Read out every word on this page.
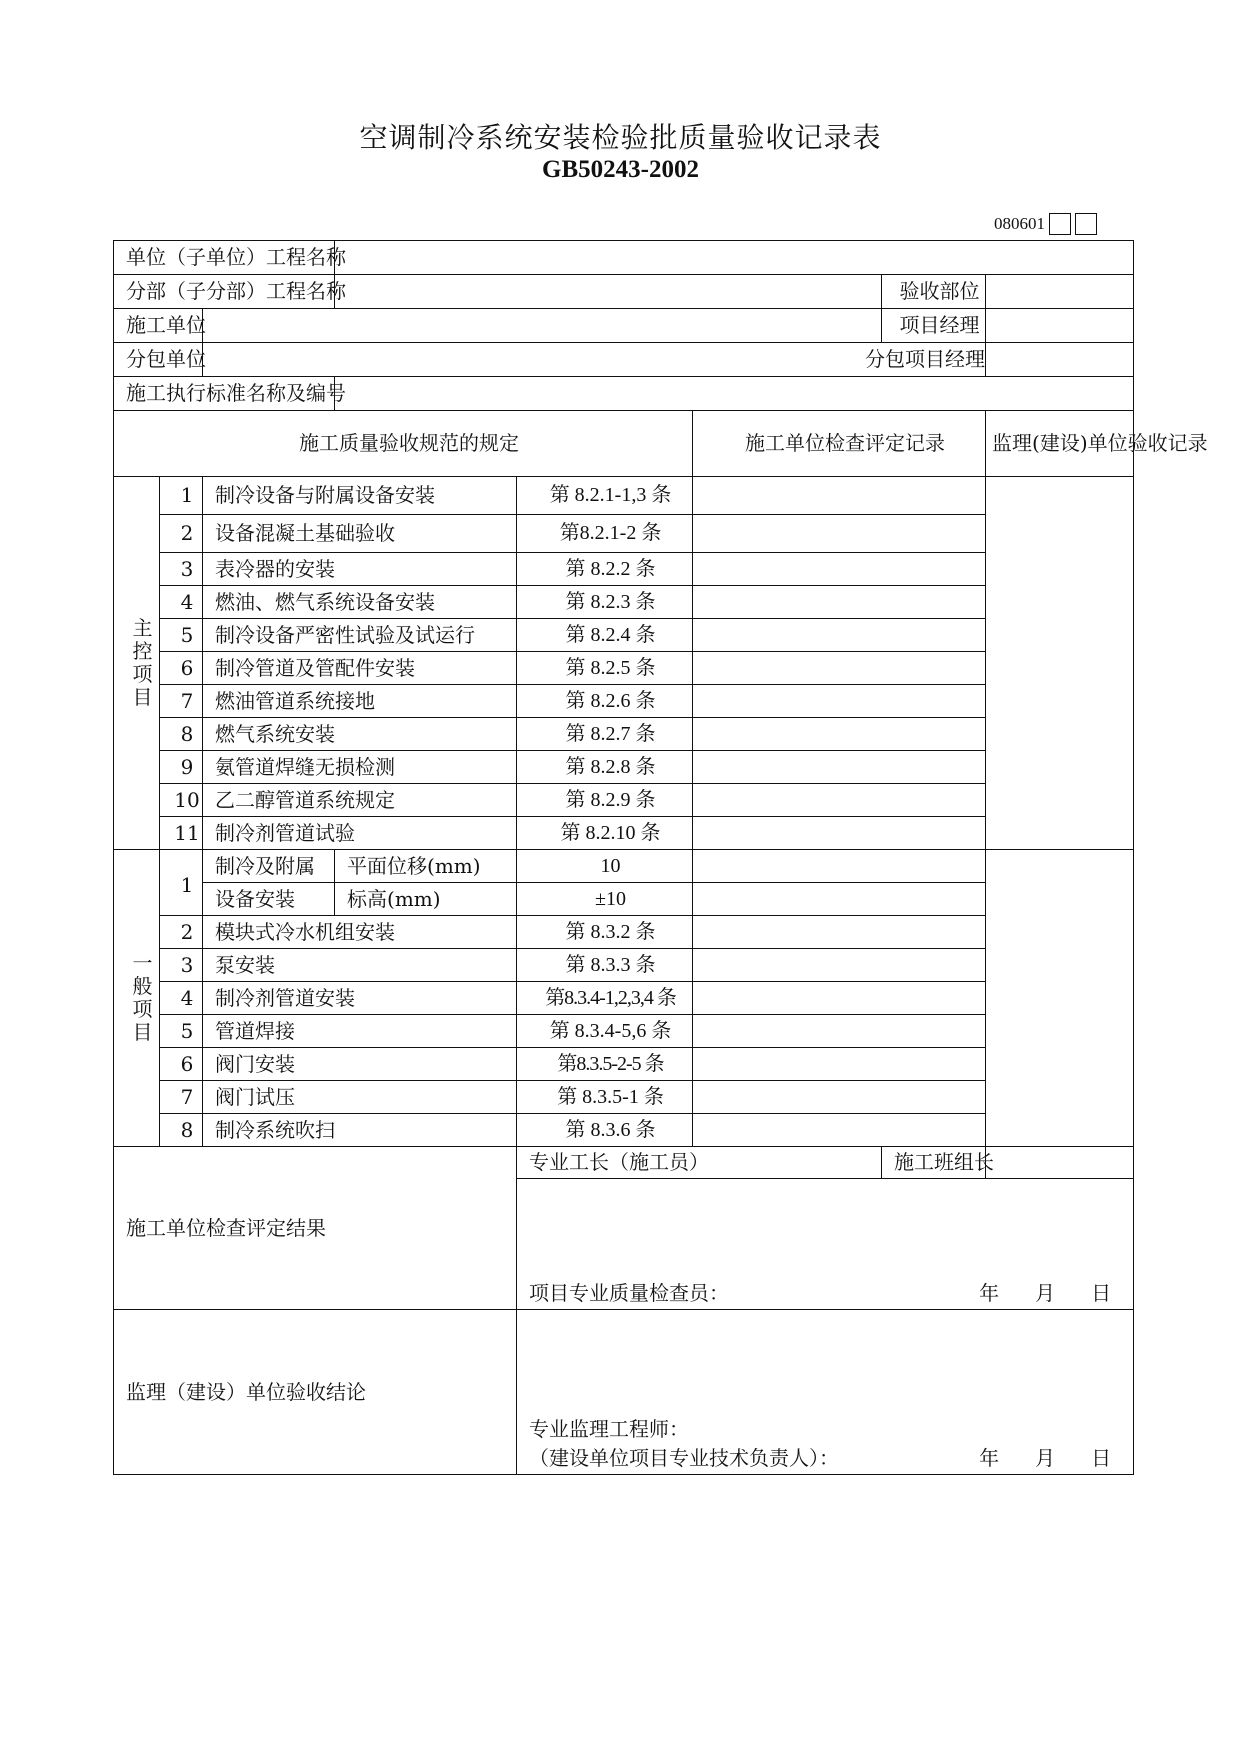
空调制冷系统安装检验批质量验收记录表
GB50243-2002
080601
单位（子单位）工程名称							
分部（子分部）工程名称						验收部位	
施工单位						项目经理	
分包单位		分包项目经理					
施工执行标准名称及编号							
施工质量验收规范的规定					施工单位检查评定记录		监理(建设)单位验收记录

主控项目	1	制冷设备与附属设备安装		第 8.2.1-1,3 条			
	2	设备混凝土基础验收		第8.2.1-2 条			
	3	表冷器的安装		第 8.2.2 条			
	4	燃油、燃气系统设备安装		第 8.2.3 条			
	5	制冷设备严密性试验及试运行		第 8.2.4 条			
	6	制冷管道及管配件安装		第 8.2.5 条			
	7	燃油管道系统接地		第 8.2.6 条			
	8	燃气系统安装		第 8.2.7 条			
	9	氨管道焊缝无损检测		第 8.2.8 条			
	10	乙二醇管道系统规定		第 8.2.9 条			
	11	制冷剂管道试验		第 8.2.10 条			

一般项目	1	制冷及附属	平面位移(mm)	10			
		设备安装	标高(mm)	±10			
	2	模块式冷水机组安装		第 8.3.2 条			
	3	泵安装		第 8.3.3 条			
	4	制冷剂管道安装		第8.3.4-1,2,3,4 条			
	5	管道焊接		第 8.3.4-5,6 条			
	6	阀门安装		第8.3.5-2-5 条			
	7	阀门试压		第 8.3.5-1 条			
	8	制冷系统吹扫		第 8.3.6 条			
施工单位检查评定结果				专业工长（施工员）		施工班组长	

				项目专业质量检查员： 年 月 日			

监理（建设）单位验收结论				专业监理工程师：
（建设单位项目专业技术负责人）： 年 月 日			
